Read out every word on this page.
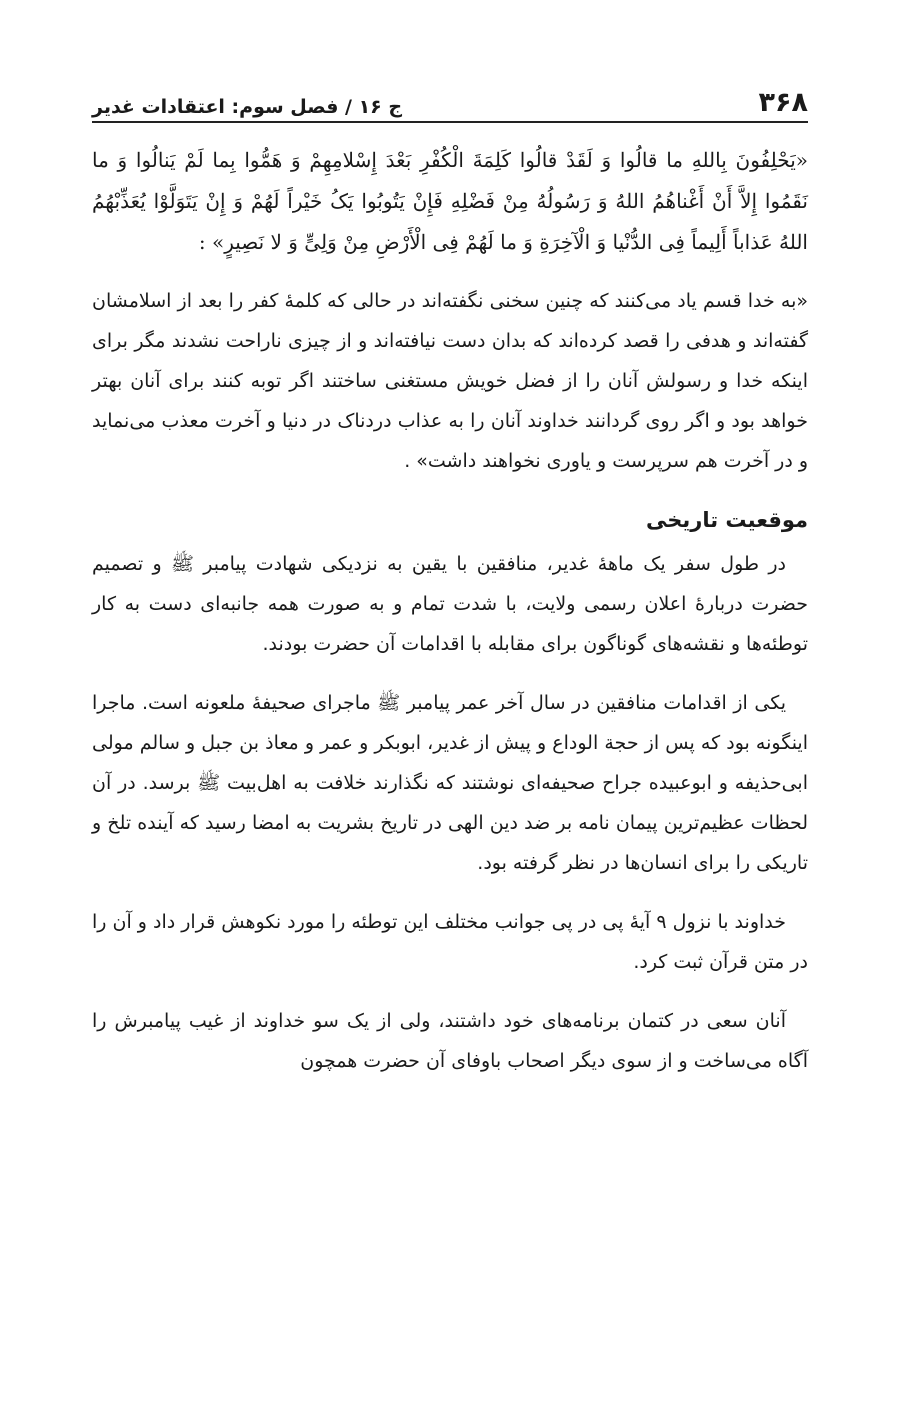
۳۶۸
ج ۱۶ / فصل سوم: اعتقادات غدیر

«یَحْلِفُونَ بِاللهِ ما قالُوا وَ لَقَدْ قالُوا کَلِمَةَ الْکُفْرِ بَعْدَ إِسْلامِهِمْ وَ هَمُّوا بِما لَمْ یَنالُوا وَ ما نَقَمُوا إِلاَّ أَنْ أَغْناهُمُ اللهُ وَ رَسُولُهُ مِنْ فَضْلِهِ فَإِنْ یَتُوبُوا یَکُ خَیْراً لَهُمْ وَ إِنْ یَتَوَلَّوْا یُعَذِّبْهُمُ اللهُ عَذاباً أَلِیماً فِی الدُّنْیا وَ الْآخِرَةِ وَ ما لَهُمْ فِی الْأَرْضِ مِنْ وَلِیٍّ وَ لا نَصِیرٍ» :

«به خدا قسم یاد می‌کنند که چنین سخنی نگفته‌اند در حالی که کلمهٔ کفر را بعد از اسلامشان گفته‌اند و هدفی را قصد کرده‌اند که بدان دست نیافته‌اند و از چیزی ناراحت نشدند مگر برای اینکه خدا و رسولش آنان را از فضل خویش مستغنی ساختند اگر توبه کنند برای آنان بهتر خواهد بود و اگر روی گردانند خداوند آنان را به عذاب دردناک در دنیا و آخرت معذب می‌نماید و در آخرت هم سرپرست و یاوری نخواهند داشت» .

موقعیت تاریخی

در طول سفر یک ماههٔ غدیر، منافقین با یقین به نزدیکی شهادت پیامبر ﷺ و تصمیم حضرت دربارهٔ اعلان رسمی ولایت، با شدت تمام و به صورت همه جانبه‌ای دست به کار توطئه‌ها و نقشه‌های گوناگون برای مقابله با اقدامات آن حضرت بودند.

یکی از اقدامات منافقین در سال آخر عمر پیامبر ﷺ ماجرای صحیفهٔ ملعونه است. ماجرا اینگونه بود که پس از حجة الوداع و پیش از غدیر، ابوبکر و عمر و معاذ بن جبل و سالم مولی ابی‌حذیفه و ابوعبیده جراح صحیفه‌ای نوشتند که نگذارند خلافت به اهل‌بیت ﷺ برسد. در آن لحظات عظیم‌ترین پیمان نامه بر ضد دین الهی در تاریخ بشریت به امضا رسید که آینده تلخ و تاریکی را برای انسان‌ها در نظر گرفته بود.

خداوند با نزول ۹ آیهٔ پی در پی جوانب مختلف این توطئه را مورد نکوهش قرار داد و آن را در متن قرآن ثبت کرد.

آنان سعی در کتمان برنامه‌های خود داشتند، ولی از یک سو خداوند از غیب پیامبرش را آگاه می‌ساخت و از سوی دیگر اصحاب باوفای آن حضرت همچون
